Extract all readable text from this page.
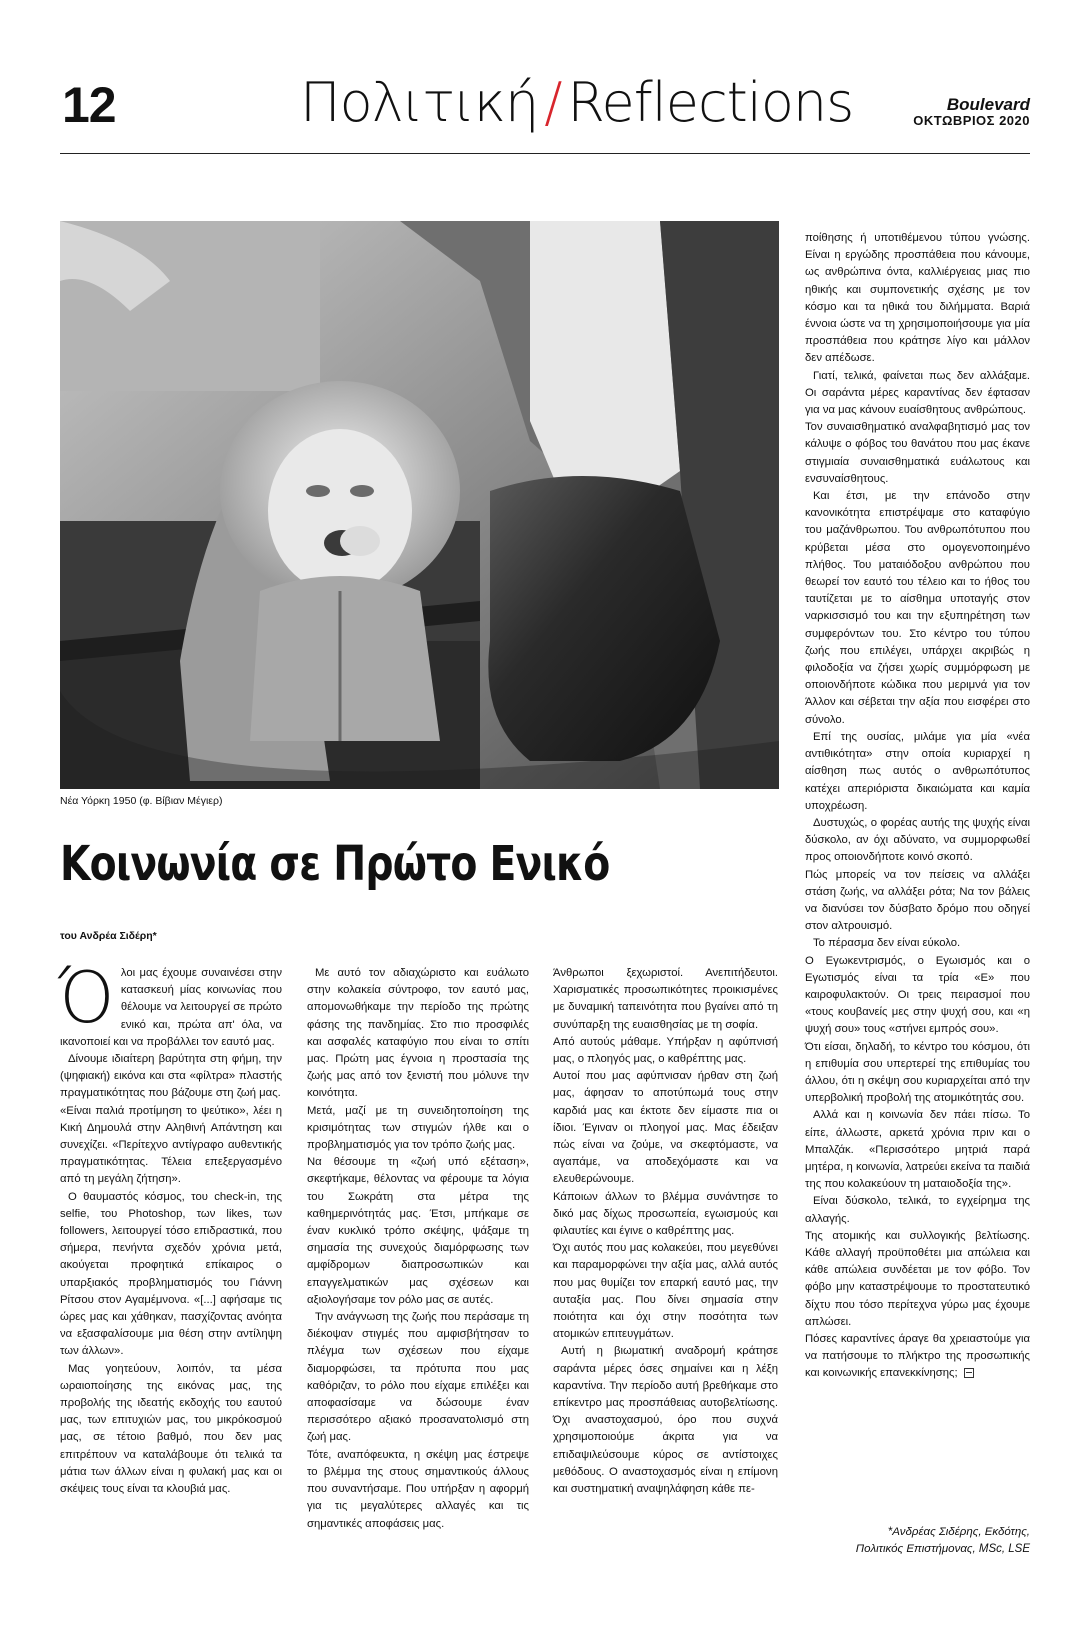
12	Πολιτική / Reflections	Boulevard
ΟΚΤΩΒΡΙΟΣ 2020
Νέα Υόρκη 1950 (φ. Βίβιαν Μέγιερ)
Κοινωνία σε Πρώτο Ενικό
του Ανδρέα Σιδέρη*

Όλοι μας έχουμε συναινέσει στην κατασκευή μίας κοινωνίας που θέλουμε να λειτουργεί σε πρώτο ενικό και, πρώτα απ' όλα, να ικανοποιεί και να προβάλλει τον εαυτό μας.

Δίνουμε ιδιαίτερη βαρύτητα στη φήμη, την (ψηφιακή) εικόνα και στα «φίλτρα» πλαστής πραγματικότητας που βάζουμε στη ζωή μας.

«Είναι παλιά προτίμηση το ψεύτικο», λέει η Κική Δημουλά στην Αληθινή Απάντηση και συνεχίζει. «Περίτεχνο αντίγραφο αυθεντικής πραγματικότητας. Τέλεια επεξεργασμένο από τη μεγάλη ζήτηση».

Ο θαυμαστός κόσμος, του check-in, της selfie, του Photoshop, των likes, των followers, λειτουργεί τόσο επιδραστικά, που σήμερα, πενήντα σχεδόν χρόνια μετά, ακούγεται προφητικά επίκαιρος ο υπαρξιακός προβληματισμός του Γιάννη Ρίτσου στον Αγαμέμνονα. «[...] αφήσαμε τις ώρες μας και χάθηκαν, πασχίζοντας ανόητα να εξασφαλίσουμε μια θέση στην αντίληψη των άλλων».

Μας γοητεύουν, λοιπόν, τα μέσα ωραιοποίησης της εικόνας μας, της προβολής της ιδεατής εκδοχής του εαυτού μας, των επιτυχιών μας, του μικρόκοσμού μας, σε τέτοιο βαθμό, που δεν μας επιτρέπουν να καταλάβουμε ότι τελικά τα μάτια των άλλων είναι η φυλακή μας και οι σκέψεις τους είναι τα κλουβιά μας.

Με αυτό τον αδιαχώριστο και ευάλωτο στην κολακεία σύντροφο, τον εαυτό μας, απομονωθήκαμε την περίοδο της πρώτης φάσης της πανδημίας. Στο πιο προσφιλές και ασφαλές καταφύγιο που είναι το σπίτι μας. Πρώτη μας έγνοια η προστασία της ζωής μας από τον ξενιστή που μόλυνε την κοινότητα.

Μετά, μαζί με τη συνειδητοποίηση της κρισιμότητας των στιγμών ήλθε και ο προβληματισμός για τον τρόπο ζωής μας.

Να θέσουμε τη «ζωή υπό εξέταση», σκεφτήκαμε, θέλοντας να φέρουμε τα λόγια του Σωκράτη στα μέτρα της καθημερινότητάς μας. Έτσι, μπήκαμε σε έναν κυκλικό τρόπο σκέψης, ψάξαμε τη σημασία της συνεχούς διαμόρφωσης των αμφίδρομων διαπροσωπικών και επαγγελματικών μας σχέσεων και αξιολογήσαμε τον ρόλο μας σε αυτές.

Την ανάγνωση της ζωής που περάσαμε τη διέκοψαν στιγμές που αμφισβήτησαν το πλέγμα των σχέσεων που είχαμε διαμορφώσει, τα πρότυπα που μας καθόριζαν, το ρόλο που είχαμε επιλέξει και αποφασίσαμε να δώσουμε έναν περισσότερο αξιακό προσανατολισμό στη ζωή μας.

Τότε, αναπόφευκτα, η σκέψη μας έστρεψε το βλέμμα της στους σημαντικούς άλλους που συναντήσαμε. Που υπήρξαν η αφορμή για τις μεγαλύτερες αλλαγές και τις σημαντικές αποφάσεις μας.

Άνθρωποι ξεχωριστοί. Ανεπιτήδευτοι. Χαρισματικές προσωπικότητες προικισμένες με δυναμική ταπεινότητα που βγαίνει από τη συνύπαρξη της ευαισθησίας με τη σοφία.

Από αυτούς μάθαμε. Υπήρξαν η αφύπνισή μας, ο πλοηγός μας, ο καθρέπτης μας.

Αυτοί που μας αφύπνισαν ήρθαν στη ζωή μας, άφησαν το αποτύπωμά τους στην καρδιά μας και έκτοτε δεν είμαστε πια οι ίδιοι. Έγιναν οι πλοηγοί μας. Μας έδειξαν πώς είναι να ζούμε, να σκεφτόμαστε, να αγαπάμε, να αποδεχόμαστε και να ελευθερώνουμε.

Κάποιων άλλων το βλέμμα συνάντησε το δικό μας δίχως προσωπεία, εγωισμούς και φιλαυτίες και έγινε ο καθρέπτης μας.

Όχι αυτός που μας κολακεύει, που μεγεθύνει και παραμορφώνει την αξία μας, αλλά αυτός που μας θυμίζει τον επαρκή εαυτό μας, την αυταξία μας. Που δίνει σημασία στην ποιότητα και όχι στην ποσότητα των ατομικών επιτευγμάτων.

Αυτή η βιωματική αναδρομή κράτησε σαράντα μέρες όσες σημαίνει και η λέξη καραντίνα. Την περίοδο αυτή βρεθήκαμε στο επίκεντρο μας προσπάθειας αυτοβελτίωσης. Όχι αναστοχασμού, όρο που συχνά χρησιμοποιούμε άκριτα για να επιδαψιλεύσουμε κύρος σε αντίστοιχες μεθόδους. Ο αναστοχασμός είναι η επίμονη και συστηματική αναψηλάφηση κάθε πε-

ποίθησης ή υποτιθέμενου τύπου γνώσης. Είναι η εργώδης προσπάθεια που κάνουμε, ως ανθρώπινα όντα, καλλιέργειας μιας πιο ηθικής και συμπονετικής σχέσης με τον κόσμο και τα ηθικά του διλήμματα. Βαριά έννοια ώστε να τη χρησιμοποιήσουμε για μία προσπάθεια που κράτησε λίγο και μάλλον δεν απέδωσε.

Γιατί, τελικά, φαίνεται πως δεν αλλάξαμε. Οι σαράντα μέρες καραντίνας δεν έφτασαν για να μας κάνουν ευαίσθητους ανθρώπους.

Τον συναισθηματικό αναλφαβητισμό μας τον κάλυψε ο φόβος του θανάτου που μας έκανε στιγμιαία συναισθηματικά ευάλωτους και ενσυναίσθητους.

Και έτσι, με την επάνοδο στην κανονικότητα επιστρέψαμε στο καταφύγιο του μαζάνθρωπου. Του ανθρωπότυπου που κρύβεται μέσα στο ομογενοποιημένο πλήθος. Του ματαιόδοξου ανθρώπου που θεωρεί τον εαυτό του τέλειο και το ήθος του ταυτίζεται με το αίσθημα υποταγής στον ναρκισσισμό του και την εξυπηρέτηση των συμφερόντων του. Στο κέντρο του τύπου ζωής που επιλέγει, υπάρχει ακριβώς η φιλοδοξία να ζήσει χωρίς συμμόρφωση με οποιονδήποτε κώδικα που μεριμνά για τον Άλλον και σέβεται την αξία που εισφέρει στο σύνολο.

Επί της ουσίας, μιλάμε για μία «νέα αντιθικότητα» στην οποία κυριαρχεί η αίσθηση πως αυτός ο ανθρωπότυπος κατέχει απεριόριστα δικαιώματα και καμία υποχρέωση.

Δυστυχώς, ο φορέας αυτής της ψυχής είναι δύσκολο, αν όχι αδύνατο, να συμμορφωθεί προς οποιονδήποτε κοινό σκοπό.

Πώς μπορείς να τον πείσεις να αλλάξει στάση ζωής, να αλλάξει ρότα; Να τον βάλεις να διανύσει τον δύσβατο δρόμο που οδηγεί στον αλτρουισμό.

Το πέρασμα δεν είναι εύκολο.

Ο Εγωκεντρισμός, ο Εγωισμός και ο Εγωτισμός είναι τα τρία «Ε» που καιροφυλακτούν. Οι τρεις πειρασμοί που «τους κουβανείς μες στην ψυχή σου, και «η ψυχή σου» τους «στήνει εμπρός σου».

Ότι είσαι, δηλαδή, το κέντρο του κόσμου, ότι η επιθυμία σου υπερτερεί της επιθυμίας του άλλου, ότι η σκέψη σου κυριαρχείται από την υπερβολική προβολή της ατομικότητάς σου.

Αλλά και η κοινωνία δεν πάει πίσω. Το είπε, άλλωστε, αρκετά χρόνια πριν και ο Μπαλζάκ. «Περισσότερο μητριά παρά μητέρα, η κοινωνία, λατρεύει εκείνα τα παιδιά της που κολακεύουν τη ματαιοδοξία της».

Είναι δύσκολο, τελικά, το εγχείρημα της αλλαγής.

Της ατομικής και συλλογικής βελτίωσης. Κάθε αλλαγή προϋποθέτει μια απώλεια και κάθε απώλεια συνδέεται με τον φόβο. Τον φόβο μην καταστρέψουμε το προστατευτικό δίχτυ που τόσο περίτεχνα γύρω μας έχουμε απλώσει.

Πόσες καραντίνες άραγε θα χρειαστούμε για να πατήσουμε το πλήκτρο της προσωπικής και κοινωνικής επανεκκίνησης;

*Ανδρέας Σιδέρης, Εκδότης,
Πολιτικός Επιστήμονας, MSc, LSE
